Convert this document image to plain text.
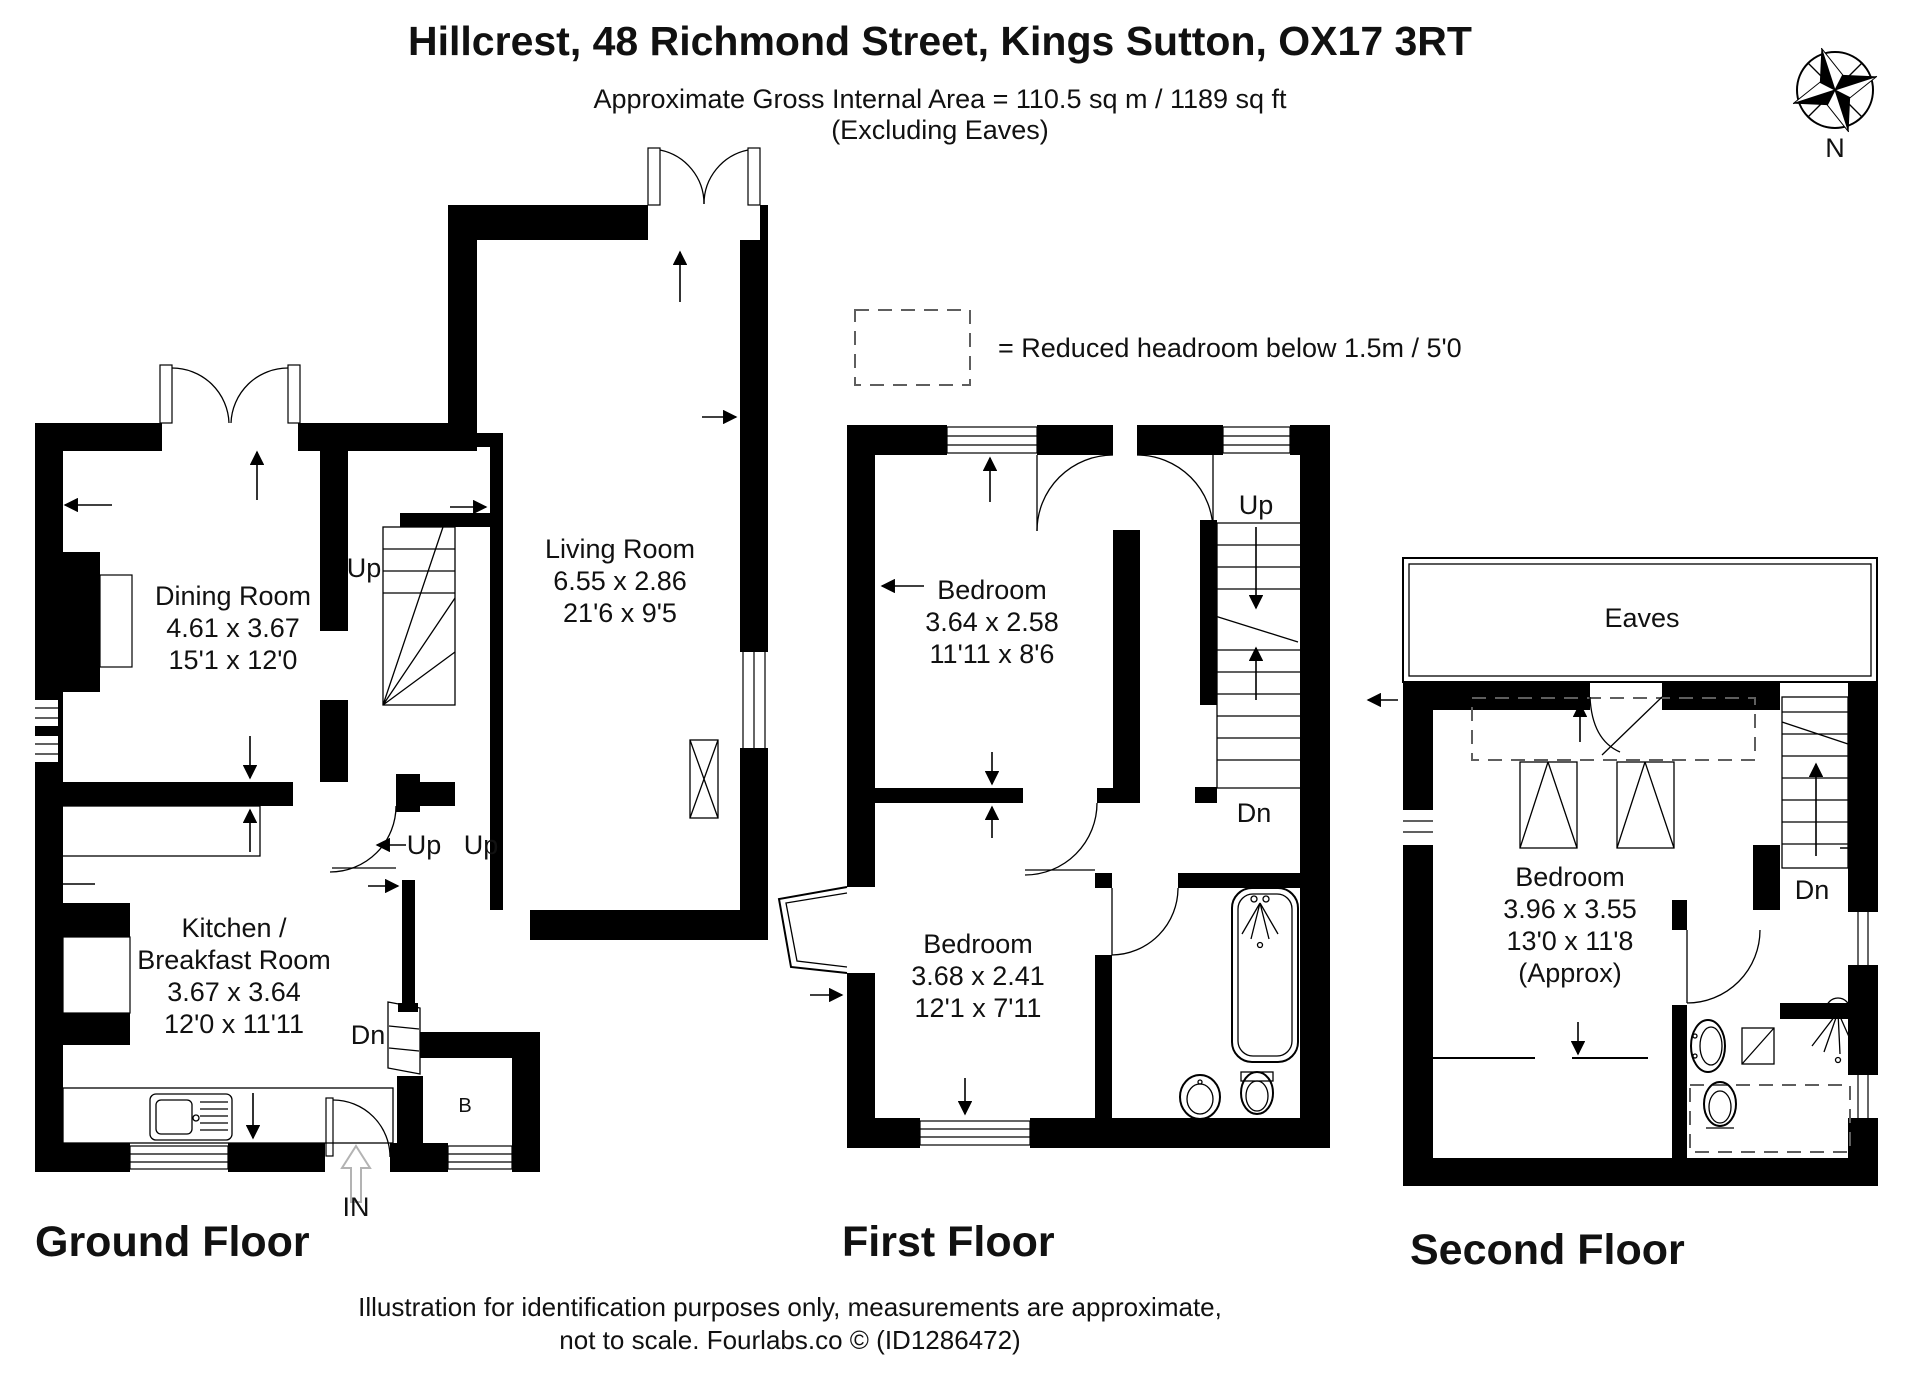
Hillcrest, 48 Richmond Street, Kings Sutton, OX17 3RT
Approximate Gross Internal Area = 110.5 sq m / 1189 sq ft
(Excluding Eaves)
N
= Reduced headroom below 1.5m / 5'0
Dining Room
4.61 x 3.67
15'1 x 12'0
Living Room
6.55 x 2.86
21'6 x 9'5
Kitchen /
Breakfast Room
3.67 x 3.64
12'0 x 11'11
Up
Up Up
Dn
B
IN
Ground Floor
Bedroom
3.64 x 2.58
11'11 x 8'6
Bedroom
3.68 x 2.41
12'1 x 7'11
Up
Dn
First Floor
Eaves
Bedroom
3.96 x 3.55
13'0 x 11'8
(Approx)
Dn
Second Floor
Illustration for identification purposes only, measurements are approximate,
not to scale. Fourlabs.co © (ID1286472)
